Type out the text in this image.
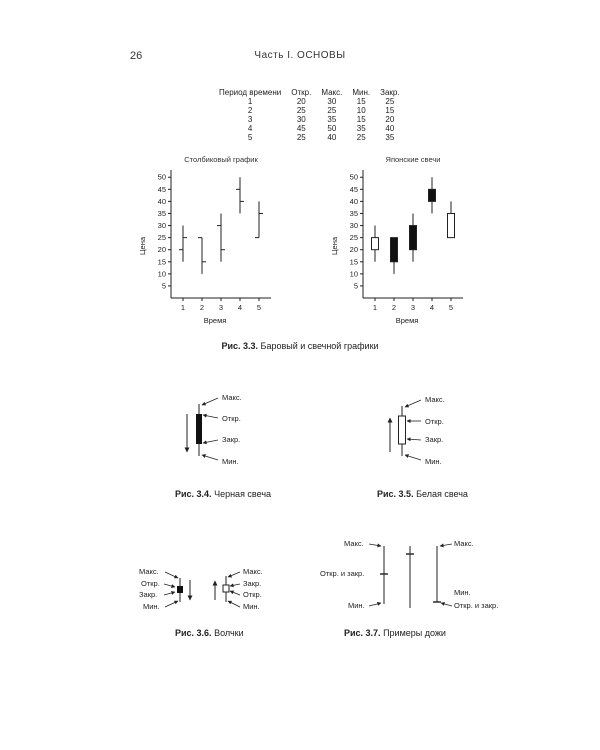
26	Часть I. ОСНОВЫ
Период времени	Откр.	Макс.	Мин.	Закр.
1	20	30	15	25
2	25	25	10	15
3	30	35	15	20
4	45	50	35	40
5	25	40	25	35
Столбиковый график
5
10
15
20
25
30
35
40
45
50
1 2 3 4 5
Время
Цена
Японские свечи
5
10
15
20
25
30
35
40
45
50
1 2 3 4 5
Время
Цена
Рис. 3.3. Баровый и свечной графики
Макс.
Откр.
Закр.
Мин.
Рис. 3.4. Черная свеча
Макс.
Откр.
Закр.
Мин.
Рис. 3.5. Белая свеча
Макс.
Откр.
Закр.
Мин.
Макс.
Закр.
Откр.
Мин.
Рис. 3.6. Волчки
Макс.
Откр. и закр.
Мин.
Макс.
Мин.
Откр. и закр.
Рис. 3.7. Примеры дожи
